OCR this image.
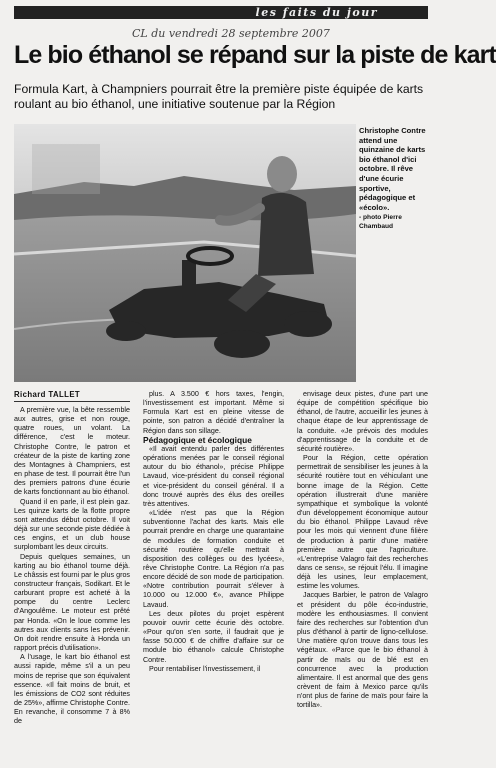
les faits du jour
CL du vendredi 28 septembre 2007
Le bio éthanol se répand sur la piste de kart
Formula Kart, à Champniers pourrait être la première piste équipée de karts roulant au bio éthanol, une initiative soutenue par la Région
Christophe Contre attend une quinzaine de karts bio éthanol d'ici octobre. Il rêve d'une écurie sportive, pédagogique et «écolo».
- photo Pierre Chambaud
Richard TALLET

A première vue, la bête ressemble aux autres, grise et non rouge, quatre roues, un volant. La différence, c'est le moteur. Christophe Contre, le patron et créateur de la piste de karting zone des Montagnes à Champniers, est en phase de test. Il pourrait être l'un des premiers patrons d'une écurie de karts fonctionnant au bio éthanol.

Quand il en parle, il est plein gaz. Les quinze karts de la flotte propre sont attendus début octobre. Il voit déjà sur une seconde piste dédiée à ces engins, et un club house surplombant les deux circuits.

Depuis quelques semaines, un karting au bio éthanol tourne déjà. Le châssis est fourni par le plus gros constructeur français, Sodikart. Et le carburant propre est acheté à la pompe du centre Leclerc d'Angoulême. Le moteur est prêté par Honda. «On le loue comme les autres aux clients sans les prévenir. On doit rendre ensuite à Honda un rapport précis d'utilisation».

A l'usage, le kart bio éthanol est aussi rapide, même s'il a un peu moins de reprise que son équivalent essence. «Il fait moins de bruit, et les émissions de CO2 sont réduites de 25%», affirme Christophe Contre. En revanche, il consomme 7 à 8% de

plus. A 3.500 € hors taxes, l'engin, l'investissement est important. Même si Formula Kart est en pleine vitesse de pointe, son patron a décidé d'entraîner la Région dans son sillage.

Pédagogique et écologique

«Il avait entendu parler des différentes opérations menées par le conseil régional autour du bio éthanol», précise Philippe Lavaud, vice-président du conseil régional et vice-président du conseil général. Il a donc trouvé auprès des élus des oreilles très attentives.

«L'idée n'est pas que la Région subventionne l'achat des karts. Mais elle pourrait prendre en charge une quarantaine de modules de formation conduite et sécurité routière qu'elle mettrait à disposition des collèges ou des lycées», rêve Christophe Contre. La Région n'a pas encore décidé de son mode de participation. «Notre contribution pourrait s'élever à 10.000 ou 12.000 €», avance Philippe Lavaud.

Les deux pilotes du projet espèrent pouvoir ouvrir cette écurie dès octobre. «Pour qu'on s'en sorte, il faudrait que je fasse 50.000 € de chiffre d'affaire sur ce module bio éthanol» calcule Christophe Contre.

Pour rentabiliser l'investissement, il

envisage deux pistes, d'une part une équipe de compétition spécifique bio éthanol, de l'autre, accueillir les jeunes à chaque étape de leur apprentissage de la conduite. «Je prévois des modules d'apprentissage de la conduite et de sécurité routière».

Pour la Région, cette opération permettrait de sensibiliser les jeunes à la sécurité routière tout en véhiculant une bonne image de la Région. Cette opération illustrerait d'une manière sympathique et symbolique la volonté d'un développement économique autour du bio éthanol. Philippe Lavaud rêve pour les mois qui viennent d'une filière de production à partir d'une matière première autre que l'agriculture. «L'entreprise Valagro fait des recherches dans ce sens», se réjouit l'élu. Il imagine déjà les usines, leur emplacement, estime les volumes.

Jacques Barbier, le patron de Valagro et président du pôle éco-industrie, modère les enthousiasmes. Il convient faire des recherches sur l'obtention d'un plus d'éthanol à partir de ligno-cellulose. Une matière qu'on trouve dans tous les végétaux. «Parce que le bio éthanol à partir de maïs ou de blé est en concurrence avec la production alimentaire. Il est anormal que des gens crèvent de faim à Mexico parce qu'ils n'ont plus de farine de maïs pour faire la tortilla».
